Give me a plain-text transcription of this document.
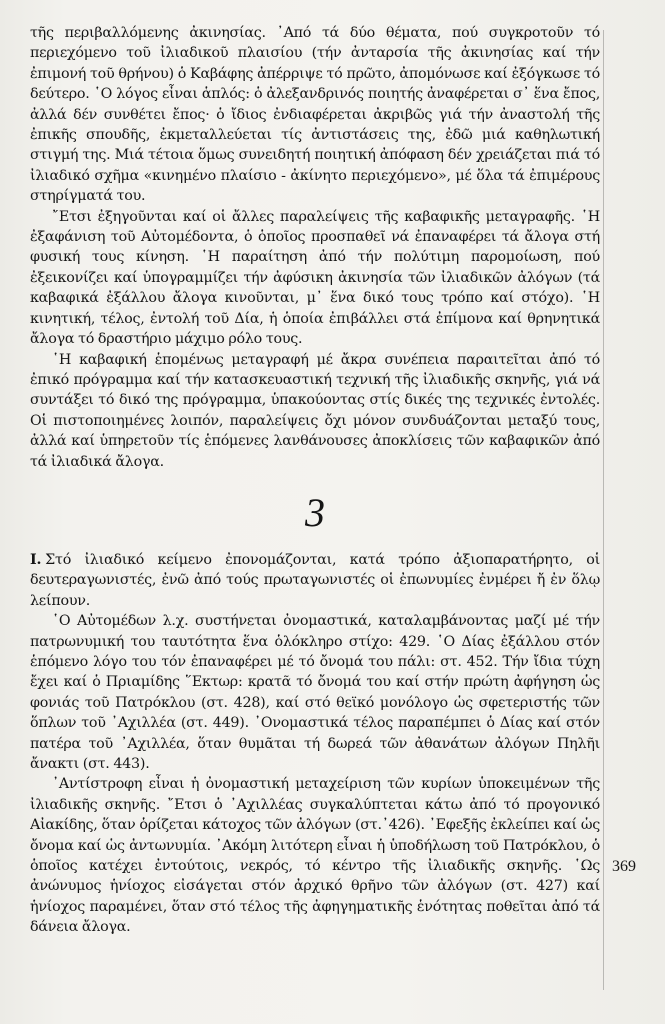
τῆς περιβαλλόμενης ἀκινησίας. ᾿Από τά δύο θέματα, πού συγκροτοῦν τό περιεχόμενο τοῦ ἰλιαδικοῦ πλαισίου (τήν ἀνταρσία τῆς ἀκινησίας καί τήν ἐπιμονή τοῦ θρήνου) ὁ Καβάφης ἀπέρριψε τό πρῶτο, ἀπομόνωσε καί ἐξόγκωσε τό δεύτερο. ῾Ο λόγος εἶναι ἁπλός: ὁ ἀλεξανδρινός ποιητής ἀναφέρεται σ᾿ ἕνα ἔπος, ἀλλά δέν συνθέτει ἔπος· ὁ ἴδιος ἐνδιαφέρεται ἀκριβῶς γιά τήν ἀναστολή τῆς ἐπικῆς σπουδῆς, ἐκμεταλλεύεται τίς ἀντιστάσεις της, ἐδῶ μιά καθηλωτική στιγμή της. Μιά τέτοια ὅμως συνειδητή ποιητική ἀπόφαση δέν χρειάζεται πιά τό ἰλιαδικό σχῆμα «κινημένο πλαίσιο - ἀκίνητο περιεχόμενο», μέ ὅλα τά ἐπιμέρους στηρίγματά του.

῎Ετσι ἐξηγοῦνται καί οἱ ἄλλες παραλείψεις τῆς καβαφικῆς μεταγραφῆς. ῾Η ἐξαφάνιση τοῦ Αὐτομέδοντα, ὁ ὁποῖος προσπαθεῖ νά ἐπαναφέρει τά ἄλογα στή φυσική τους κίνηση. ῾Η παραίτηση ἀπό τήν πολύτιμη παρομοίωση, πού ἐξεικονίζει καί ὑπογραμμίζει τήν ἀφύσικη ἀκινησία τῶν ἰλιαδικῶν ἀλόγων (τά καβαφικά ἐξάλλου ἄλογα κινοῦνται, μ᾿ ἕνα δικό τους τρόπο καί στόχο). ῾Η κινητική, τέλος, ἐντολή τοῦ Δία, ἡ ὁποία ἐπιβάλλει στά ἐπίμονα καί θρηνητικά ἄλογα τό δραστήριο μάχιμο ρόλο τους.

῾Η καβαφική ἑπομένως μεταγραφή μέ ἄκρα συνέπεια παραιτεῖται ἀπό τό ἐπικό πρόγραμμα καί τήν κατασκευαστική τεχνική τῆς ἰλιαδικῆς σκηνῆς, γιά νά συντάξει τό δικό της πρόγραμμα, ὑπακούοντας στίς δικές της τεχνικές ἐντολές. Οἱ πιστοποιημένες λοιπόν, παραλείψεις ὄχι μόνον συνδυάζονται μεταξύ τους, ἀλλά καί ὑπηρετοῦν τίς ἑπόμενες λανθάνουσες ἀποκλίσεις τῶν καβαφικῶν ἀπό τά ἰλιαδικά ἄλογα.

3

I. Στό ἰλιαδικό κείμενο ἐπονομάζονται, κατά τρόπο ἀξιοπαρατήρητο, οἱ δευτεραγωνιστές, ἐνῶ ἀπό τούς πρωταγωνιστές οἱ ἐπωνυμίες ἐνμέρει ἤ ἐν ὅλῳ λείπουν.

῾Ο Αὐτομέδων λ.χ. συστήνεται ὀνομαστικά, καταλαμβάνοντας μαζί μέ τήν πατρωνυμική του ταυτότητα ἕνα ὁλόκληρο στίχο: 429. ῾Ο Δίας ἐξάλλου στόν ἑπόμενο λόγο του τόν ἐπαναφέρει μέ τό ὄνομά του πάλι: στ. 452. Τήν ἴδια τύχη ἔχει καί ὁ Πριαμίδης ῞Εκτωρ: κρατᾶ τό ὄνομά του καί στήν πρώτη ἀφήγηση ὡς φονιάς τοῦ Πατρόκλου (στ. 428), καί στό θεϊκό μονόλογο ὡς σφετεριστής τῶν ὅπλων τοῦ ᾿Αχιλλέα (στ. 449). ᾿Ονομαστικά τέλος παραπέμπει ὁ Δίας καί στόν πατέρα τοῦ ᾿Αχιλλέα, ὅταν θυμᾶται τή δωρεά τῶν ἀθανάτων ἀλόγων Πηλῆι ἄνακτι (στ. 443).

᾿Αντίστροφη εἶναι ἡ ὀνομαστική μεταχείριση τῶν κυρίων ὑποκειμένων τῆς ἰλιαδικῆς σκηνῆς. ῎Ετσι ὁ ᾿Αχιλλέας συγκαλύπτεται κάτω ἀπό τό προγονικό Αἰακίδης, ὅταν ὁρίζεται κάτοχος τῶν ἀλόγων (στ.᾿426). ᾿Εφεξῆς ἐκλείπει καί ὡς ὄνομα καί ὡς ἀντωνυμία. ᾿Ακόμη λιτότερη εἶναι ἡ ὑποδήλωση τοῦ Πατρόκλου, ὁ ὁποῖος κατέχει ἐντούτοις, νεκρός, τό κέντρο τῆς ἰλιαδικῆς σκηνῆς. ῾Ως ἀνώνυμος ἡνίοχος εἰσάγεται στόν ἀρχικό θρῆνο τῶν ἀλόγων (στ. 427) καί ἡνίοχος παραμένει, ὅταν στό τέλος τῆς ἀφηγηματικῆς ἑνότητας ποθεῖται ἀπό τά δάνεια ἄλογα.

369
